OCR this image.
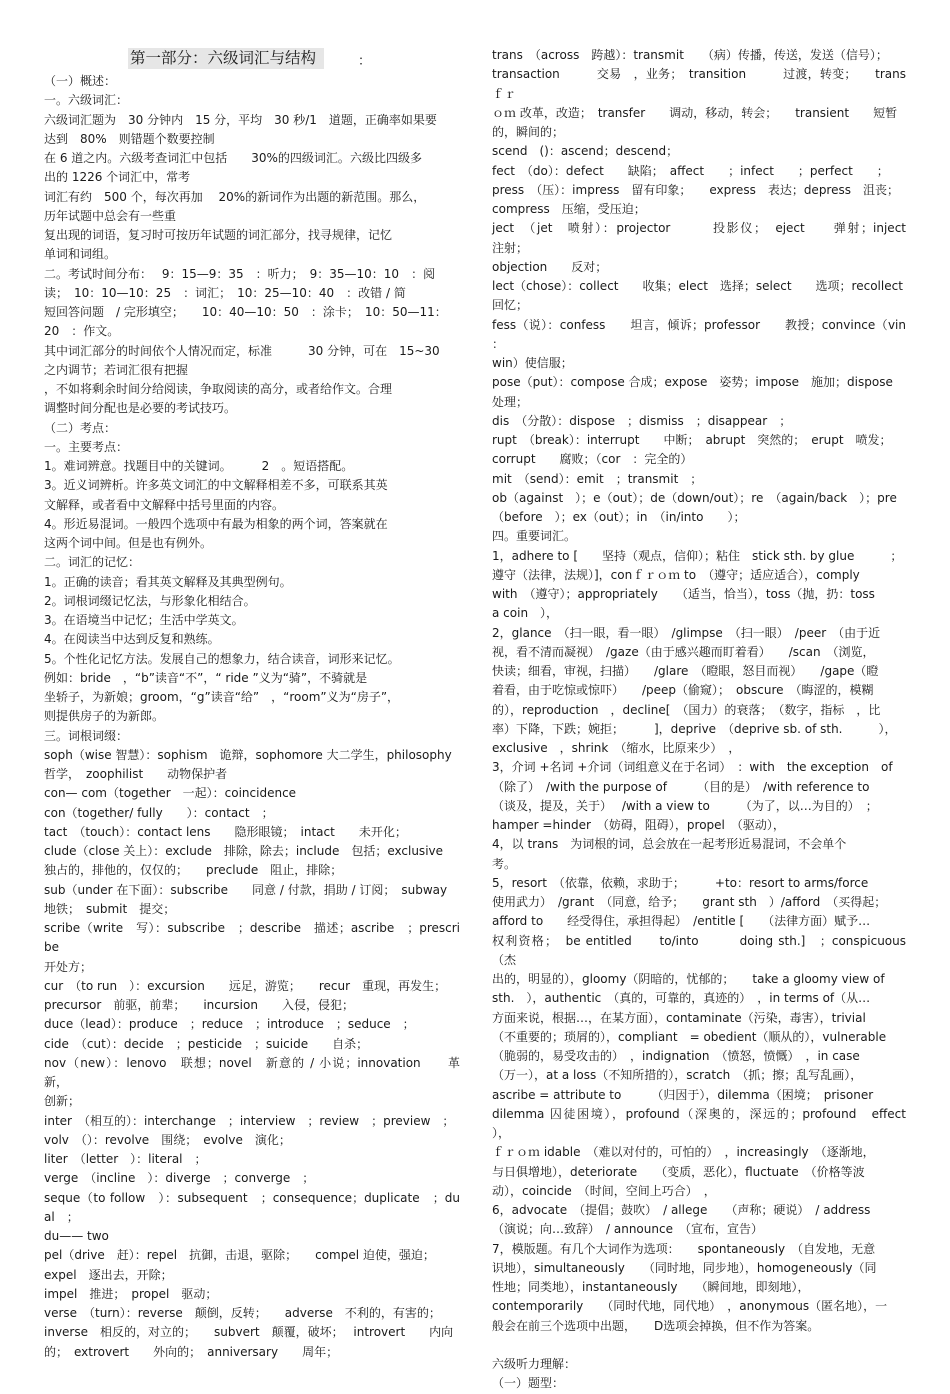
第一部分：六级词汇与结构	：

（一）概述：

一。六级词汇：

六级词汇题为　30 分钟内　15 分，平均　30 秒/1　道题，正确率如果要

达到　80%　则错题个数要控制

在 6 道之内。六级考查词汇中包括　　30%的四级词汇。六级比四级多

出的 1226 个词汇中，常考

词汇有约　500 个，每次再加　 20%的新词作为出题的新范围。那么，

历年试题中总会有一些重

复出现的词语，复习时可按历年试题的词汇部分，找寻规律，记忆

单词和词组。

二。考试时间分布：　 9：15—9：35　：听力；　9：35—10：10　：阅

读；　10：10—10：25　：词汇；　10：25—10：40　：改错 / 简

短回答问题　/ 完形填空；　　10：40—10：50　：涂卡；　10：50—11：

20　：作文。

其中词汇部分的时间依个人情况而定，标准　　　30 分钟，可在　15~30

之内调节；若词汇很有把握

，不如将剩余时间分给阅读，争取阅读的高分，或者给作文。合理

调整时间分配也是必要的考试技巧。

（二）考点：

一。主要考点：

1。难词辨意。找题目中的关键词。　　　2　。短语搭配。

3。近义词辨析。许多英文词汇的中文解释相差不多，可联系其英

文解释，或者看中文解释中括号里面的内容。

4。形近易混词。一般四个选项中有最为相象的两个词，答案就在

这两个词中间。但是也有例外。

二。词汇的记忆：

1。正确的读音；看其英文解释及其典型例句。

2。词根词缀记忆法，与形象化相结合。

3。在语境当中记忆；生活中学英文。

4。在阅读当中达到反复和熟练。

5。个性化记忆方法。发展自己的想象力，结合读音，词形来记忆。

例如：bride　，“b”读音“不”，“ ride ”义为“骑”，不骑就是

坐轿子，为新娘；groom，“g”读音“给”　，“room”义为“房子”，

则提供房子的为新郎。

三。词根词缀：

soph（wise 智慧）：sophism　诡辩，sophomore 大二学生，philosophy

哲学，　zoophilist　　动物保护者

con— com（together　一起）：coincidence

con（together/ fully　　）：contact　；

tact　（touch）：contact lens　　隐形眼镜；　intact　　未开化；

clude（close 关上）：exclude　排除，除去；include　包括；exclusive

独占的，排他的，仅仅的；　　preclude　阻止，排除；

sub（under 在下面）：subscribe　　同意 / 付款，捐助 / 订阅；　subway

地铁；　submit　提交；

scribe（write　写）：subscribe　；describe　描述；ascribe　；prescribe

开处方；

cur　（to run　）：excursion　　远足，游览；　　recur　重现，再发生；

precursor　前驱，前辈；　　incursion　　入侵，侵犯；

duce（lead）：produce　；reduce　；introduce　；seduce　；

cide　（cut）：decide　；pesticide　；suicide　　自杀；

nov（new）：lenovo　联想；novel　新意的 / 小说；innovation　　革新，

创新；

inter　（相互的）：interchange　；interview　；review　；preview　；

volv　（）：revolve　围绕；　evolve　演化；

liter　（letter　）：literal　；

verge　（incline　）：diverge　；converge　；

seque（to follow　）：subsequent　；consequence；duplicate　；dual　；

du—— two

pel（drive　赶）：repel　抗御，击退，驱除；　　compel 迫使，强迫；

expel　逐出去，开除；

impel　推进；　propel　驱动；

verse　（turn）：reverse　颠倒，反转；　　adverse　不利的，有害的；

inverse　相反的，对立的；　　subvert　颠覆，破坏；　 introvert　　内向

的；　extrovert　　外向的；　anniversary　　周年；

trans　（across　跨越）：transmit　　（病）传播，传送，发送（信号）；

transaction　　　交易　，业务；　transition　　　过渡，转变；　　trans　ｆｒ

ｏｍ 改革，改造；　transfer　　调动，移动，转会；　　transient　　短暂

的，瞬间的；

scend　()：ascend；descend；

fect　（do）：defect　　缺陷；　affect　　；infect　　；perfect　　；

press　（压）：impress　留有印象；　　express　表达；depress　沮丧；

compress　压缩，受压迫；

ject　（jet　喷射）：projector　　　投影仪；　eject　　弹射；inject　　　注射；

objection　　反对；

lect（chose）：collect　　收集；elect　选择；select　　选项；recollect

回忆；

fess（说）：confess　　坦言，倾诉；professor　　教授；convince（vin　：

win）使信服；

pose（put）：compose 合成；expose　姿势；impose　施加；dispose

处理；

dis　（分散）：dispose　；dismiss　；disappear　；

rupt　（break）：interrupt　　中断；　abrupt　突然的；　erupt　喷发；

corrupt　　腐败；（cor　：完全的）

mit　（send）：emit　；transmit　；

ob（against　）；e（out）；de（down/out）；re　（again/back　）；pre

（before　）；ex（out）；in　（in/into　　）；

四。重要词汇。

1，adhere to [　　坚持（观点，信仰）；粘住　stick sth. by glue　　　；

遵守（法律，法规）]，conｆｒｏｍ to　（遵守；适应适合），comply

with　（遵守）；appropriately　　（适当，恰当），toss（抛，扔：toss

a coin　），

2，glance　（扫一眼，看一眼）　/glimpse　（扫一眼）　/peer　（由于近

视，看不清而凝视）　/gaze（由于感兴趣而盯着看）　　/scan　（浏览，

快读；细看，审视，扫描）　　/glare　（瞪眼，怒目而视）　　/gape（瞪

着看，由于吃惊或惊吓）　　/peep（偷窥）；　obscure　（晦涩的，模糊

的），reproduction　，decline[　（国力）的衰落；　（数字，指标　，比

率）下降，下跌；婉拒；　　　]，deprive　（deprive sb. of sth.　　　），

exclusive　，shrink　（缩水，比原来少）　，

3，介词 +名词 +介词（词组意义在于名词）　：with　the exception　of

（除了）　/with the purpose of　　　（目的是）　/with reference to

（谈及，提及，关于）　 /with a view to　　　（为了，以…为目的）　；

hamper =hinder　（妨碍，阻碍），propel　（驱动），

4，以 trans　为词根的词，总会放在一起考形近易混词，不会单个

考。

5，resort　（依靠，依赖，求助于；　　　+to：resort to arms/force

使用武力）　/grant　（同意，给予；　　grant sth　）/afford　（买得起；

afford to　　经受得住，承担得起）　/entitle [　　（法律方面）赋予…

权利资格；　be entitled　　to/into　　　doing sth.]　；conspicuous　（杰

出的，明显的），gloomy（阴暗的，忧郁的；　　take a gloomy view of

sth.　），authentic　（真的，可靠的，真迹的）　，in terms of（从…

方面来说，根据…，在某方面），contaminate（污染，毒害），trivial

（不重要的；琐屑的），compliant　= obedient（顺从的），vulnerable

（脆弱的，易受攻击的）　，indignation　（愤怒，愤慨）　，in case

（万一），at a loss（不知所措的），scratch　（抓；擦；乱写乱画），

ascribe = attribute to　　　（归因于），dilemma（困境；　prisoner

dilemma 囚徒困境），profound（深奥的，深远的；profound　effect　），

ｆｒｏｍ idable　（难以对付的，可怕的）　，increasingly　（逐渐地，

与日俱增地），deteriorate　　（变质，恶化），fluctuate　（价格等波

动），coincide　（时间，空间上巧合）　，

6，advocate　（提倡；鼓吹）　/ allege　　（声称；硬说）　/ address

（演说；向…致辞）　/ announce　（宣布，宣告）

7，模版题。有几个大词作为选项：　　spontaneously　（自发地，无意

识地），simultaneously　　（同时地，同步地），homogeneously（同

性地；同类地），instantaneously　　（瞬间地，即刻地），

contemporarily　　（同时代地，同代地）　，anonymous（匿名地），一

般会在前三个选项中出题，　　D选项会掉换，但不作为答案。

六级听力理解：

（一）题型：
